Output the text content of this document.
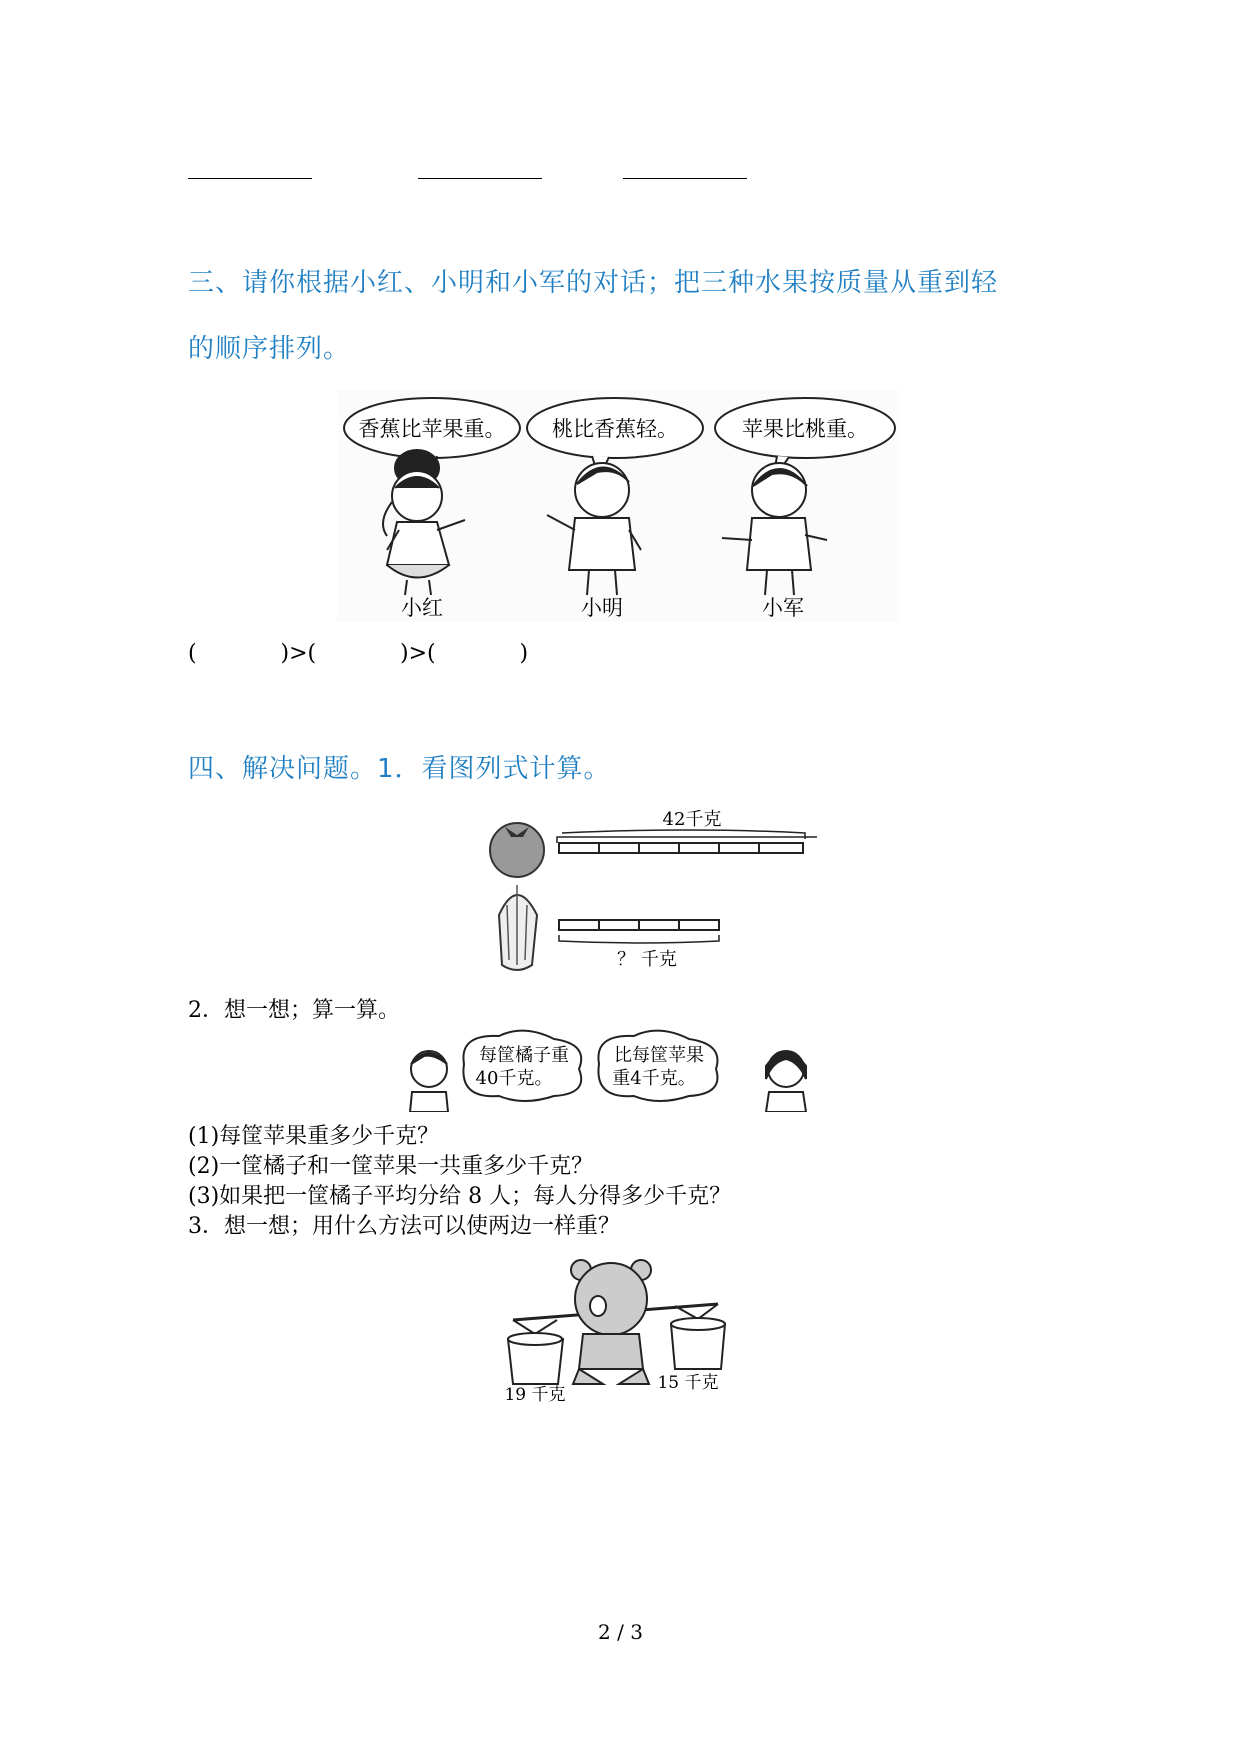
三、请你根据小红、小明和小军的对话；把三种水果按质量从重到轻
的顺序排列。
香蕉比苹果重。 桃比香蕉轻。	苹果比桃重。
小红	小明	小军
(            )>(            )>(            )
四、解决问题。1．看图列式计算。
42千克
？ 千克
2．想一想；算一算。
每筐橘子重
40千克。
比每筐苹果
重4千克。
(1)每筐苹果重多少千克？
(2)一筐橘子和一筐苹果一共重多少千克？
(3)如果把一筐橘子平均分给 8 人；每人分得多少千克？
3．想一想；用什么方法可以使两边一样重？
19 千克
15 千克
2 / 3
